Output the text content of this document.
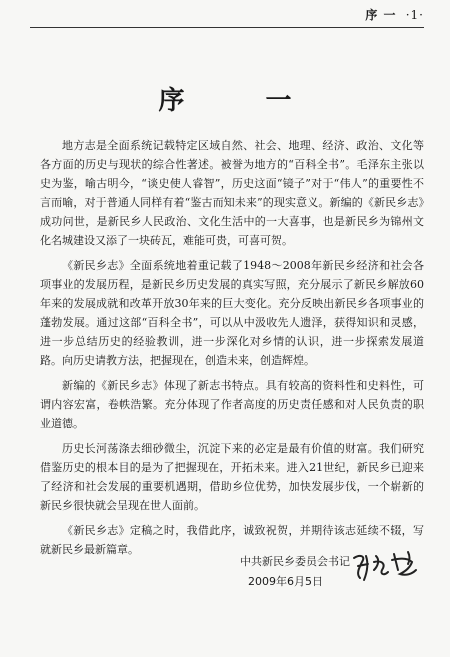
序 一 ·1·
序 一

地方志是全面系统记载特定区域自然、社会、地理、经济、政治、文化等各方面的历史与现状的综合性著述。被誉为地方的“百科全书”。毛泽东主张以史为鉴，喻古明今，“谈史使人睿智”，历史这面“镜子”对于“伟人”的重要性不言而喻，对于普通人同样有着“鉴古而知未来”的现实意义。新编的《新民乡志》成功问世，是新民乡人民政治、文化生活中的一大喜事，也是新民乡为锦州文化名城建设又添了一块砖瓦，难能可贵，可喜可贺。

《新民乡志》全面系统地着重记载了1948～2008年新民乡经济和社会各项事业的发展历程，是新民乡历史发展的真实写照，充分展示了新民乡解放60年来的发展成就和改革开放30年来的巨大变化。充分反映出新民乡各项事业的蓬勃发展。通过这部“百科全书”，可以从中汲收先人遗泽，获得知识和灵感，进一步总结历史的经验教训，进一步深化对乡情的认识，进一步探索发展道路。向历史请教方法，把握现在，创造未来，创造辉煌。

新编的《新民乡志》体现了新志书特点。具有较高的资料性和史料性，可谓内容宏富，卷帙浩繁。充分体现了作者高度的历史责任感和对人民负责的职业道德。

历史长河荡涤去细砂微尘，沉淀下来的必定是最有价值的财富。我们研究借鉴历史的根本目的是为了把握现在，开拓未来。进入21世纪，新民乡已迎来了经济和社会发展的重要机遇期，借助乡位优势，加快发展步伐，一个崭新的新民乡很快就会呈现在世人面前。

《新民乡志》定稿之时，我借此序，诚致祝贺，并期待该志延续不辍，写就新民乡最新篇章。

中共新民乡委员会书记
2009年6月5日
